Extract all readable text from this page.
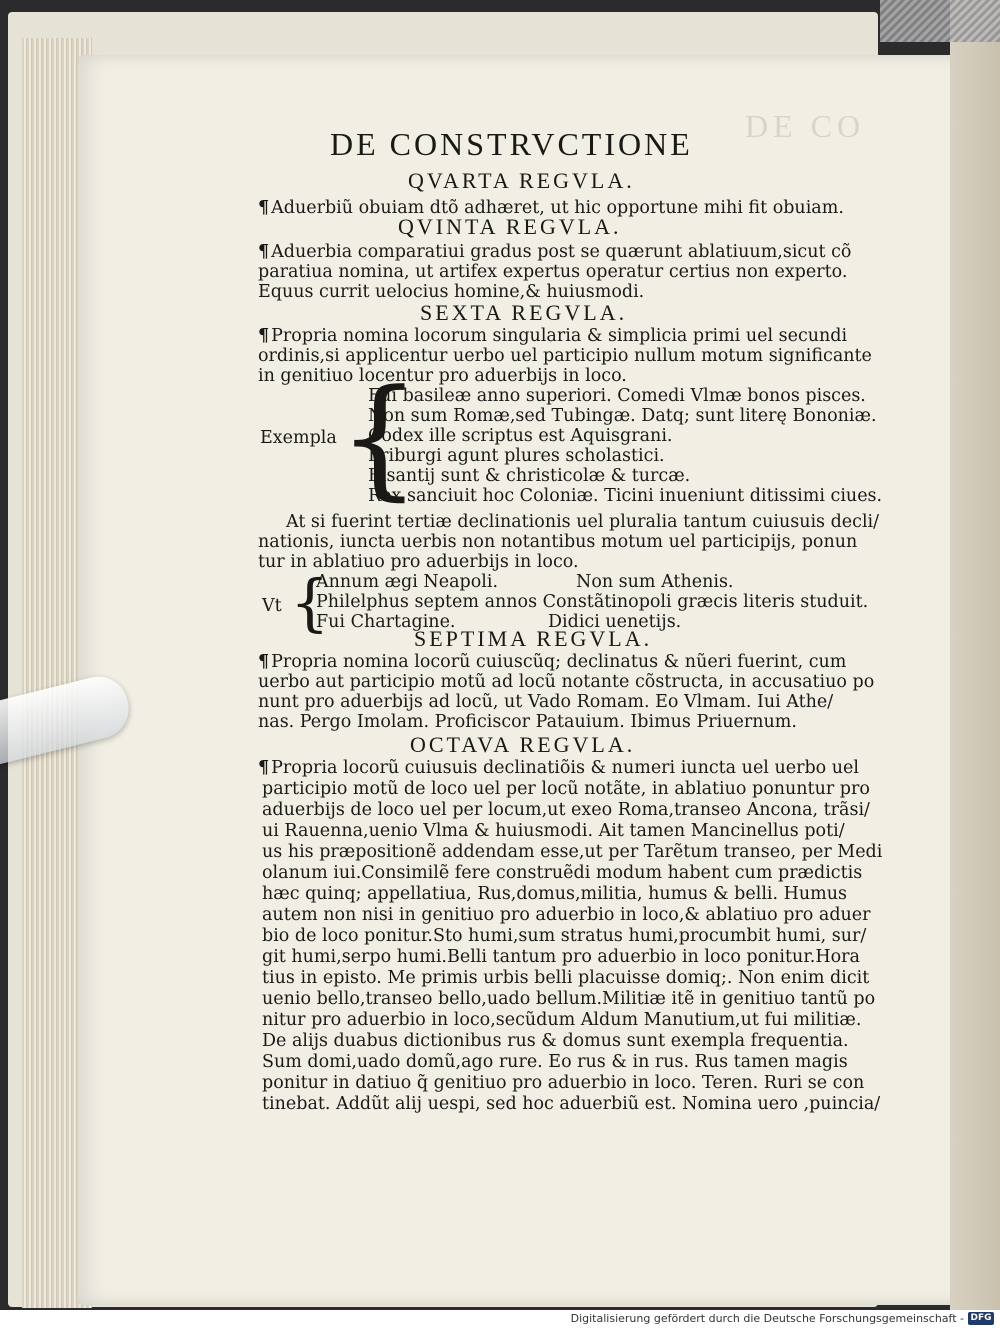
DE CO
DE CONSTRVCTIONE
QVARTA REGVLA.
¶ Aduerbiũ obuiam dtõ adhæret, ut hic opportune mihi fit obuiam.
QVINTA REGVLA.
¶ Aduerbia comparatiui gradus post se quærunt ablatiuum,sicut cõ
paratiua nomina, ut artifex expertus operatur certius non experto.
Equus currit uelocius homine,& huiusmodi.
SEXTA REGVLA.
¶ Propria nomina locorum singularia & simplicia primi uel secundi
ordinis,si applicentur uerbo uel participio nullum motum significante
in genitiuo locentur pro aduerbijs in loco.
Exempla {
Fui basileæ anno superiori. Comedi Vlmæ bonos pisces.
Non sum Romæ,sed Tubingæ. Datq; sunt literę Bononiæ.
Codex ille scriptus est Aquisgrani.
Friburgi agunt plures scholastici.
Bisantij sunt & christicolæ & turcæ.
Rex sanciuit hoc Coloniæ. Ticini inueniunt ditissimi ciues.
At si fuerint tertiæ declinationis uel pluralia tantum cuiusuis decli/
nationis, iuncta uerbis non notantibus motum uel participijs, ponun
tur in ablatiuo pro aduerbijs in loco.
Vt {
Annum ægi Neapoli.	Non sum Athenis.
Philelphus septem annos Constãtinopoli græcis literis studuit.
Fui Chartagine.	Didici uenetijs.
SEPTIMA REGVLA.
¶ Propria nomina locorũ cuiuscũq; declinatus & nũeri fuerint, cum
uerbo aut participio motũ ad locũ notante cõstructa, in accusatiuo po
nunt pro aduerbijs ad locũ, ut Vado Romam. Eo Vlmam. Iui Athe/
nas. Pergo Imolam. Proficiscor Patauium. Ibimus Priuernum.
OCTAVA REGVLA.
¶ Propria locorũ cuiusuis declinatiõis & numeri iuncta uel uerbo uel
participio motũ de loco uel per locũ notãte, in ablatiuo ponuntur pro
aduerbijs de loco uel per locum,ut exeo Roma,transeo Ancona, trãsi/
ui Rauenna,uenio Vlma & huiusmodi. Ait tamen Mancinellus poti/
us his præpositionẽ addendam esse,ut per Tarẽtum transeo, per Medi
olanum iui.Consimilẽ fere construẽdi modum habent cum prædictis
hæc quinq; appellatiua, Rus,domus,militia, humus & belli. Humus
autem non nisi in genitiuo pro aduerbio in loco,& ablatiuo pro aduer
bio de loco ponitur.Sto humi,sum stratus humi,procumbit humi, sur/
git humi,serpo humi.Belli tantum pro aduerbio in loco ponitur.Hora
tius in episto. Me primis urbis belli placuisse domiq;. Non enim dicit
uenio bello,transeo bello,uado bellum.Militiæ itẽ in genitiuo tantũ po
nitur pro aduerbio in loco,secũdum Aldum Manutium,ut fui militiæ.
De alijs duabus dictionibus rus & domus sunt exempla frequentia.
Sum domi,uado domũ,ago rure. Eo rus & in rus. Rus tamen magis
ponitur in datiuo q̃ genitiuo pro aduerbio in loco. Teren. Ruri se con
tinebat. Addũt alij uespi, sed hoc aduerbiũ est. Nomina uero ,puincia/
Digitalisierung gefördert durch die Deutsche Forschungsgemeinschaft - DFG
